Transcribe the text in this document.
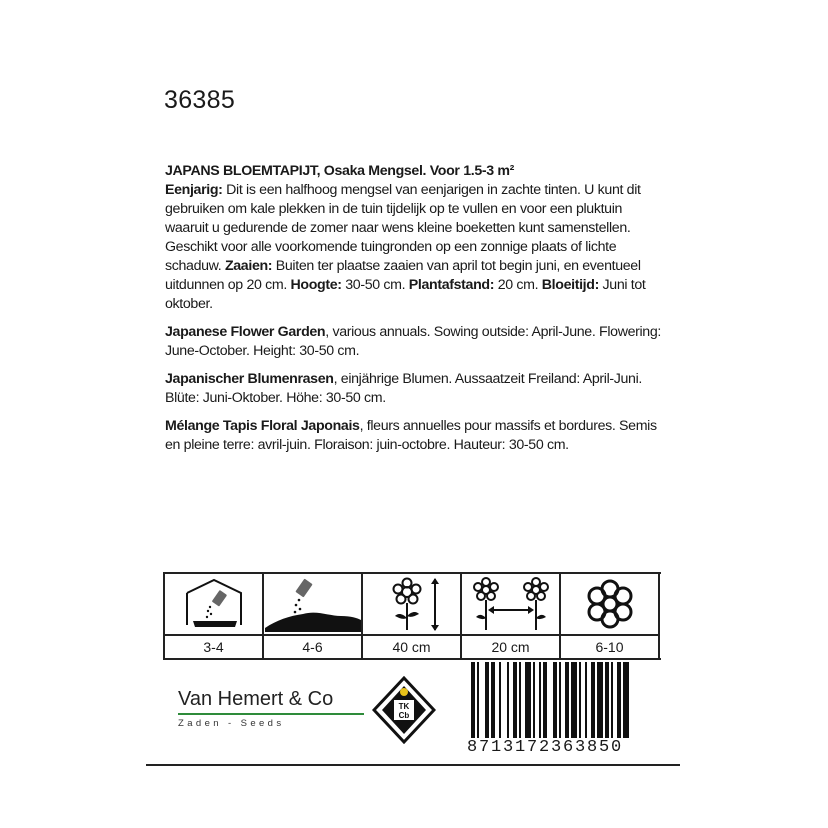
36385

JAPANS BLOEMTAPIJT, Osaka Mengsel. Voor 1.5-3 m²
Eenjarig: Dit is een halfhoog mengsel van eenjarigen in zachte tinten. U kunt dit gebruiken om kale plekken in de tuin tijdelijk op te vullen en voor een pluktuin waaruit u gedurende de zomer naar wens kleine boeketten kunt samenstellen. Geschikt voor alle voorkomende tuingronden op een zonnige plaats of lichte schaduw. Zaaien: Buiten ter plaatse zaaien van april tot begin juni, en eventueel uitdunnen op 20 cm. Hoogte: 30-50 cm. Plantafstand: 20 cm. Bloeitijd: Juni tot oktober.

Japanese Flower Garden, various annuals. Sowing outside: April-June. Flowering: June-October. Height: 30-50 cm.

Japanischer Blumenrasen, einjährige Blumen. Aussaatzeit Freiland: April-Juni. Blüte: Juni-Oktober. Höhe: 30-50 cm.

Mélange Tapis Floral Japonais, fleurs annuelles pour massifs et bordures. Semis en pleine terre: avril-juin. Floraison: juin-octobre. Hauteur: 30-50 cm.

3-4	4-6	40 cm	20 cm	6-10
Van Hemert & Co
Zaden - Seeds
TK
Cb
8713172363850
